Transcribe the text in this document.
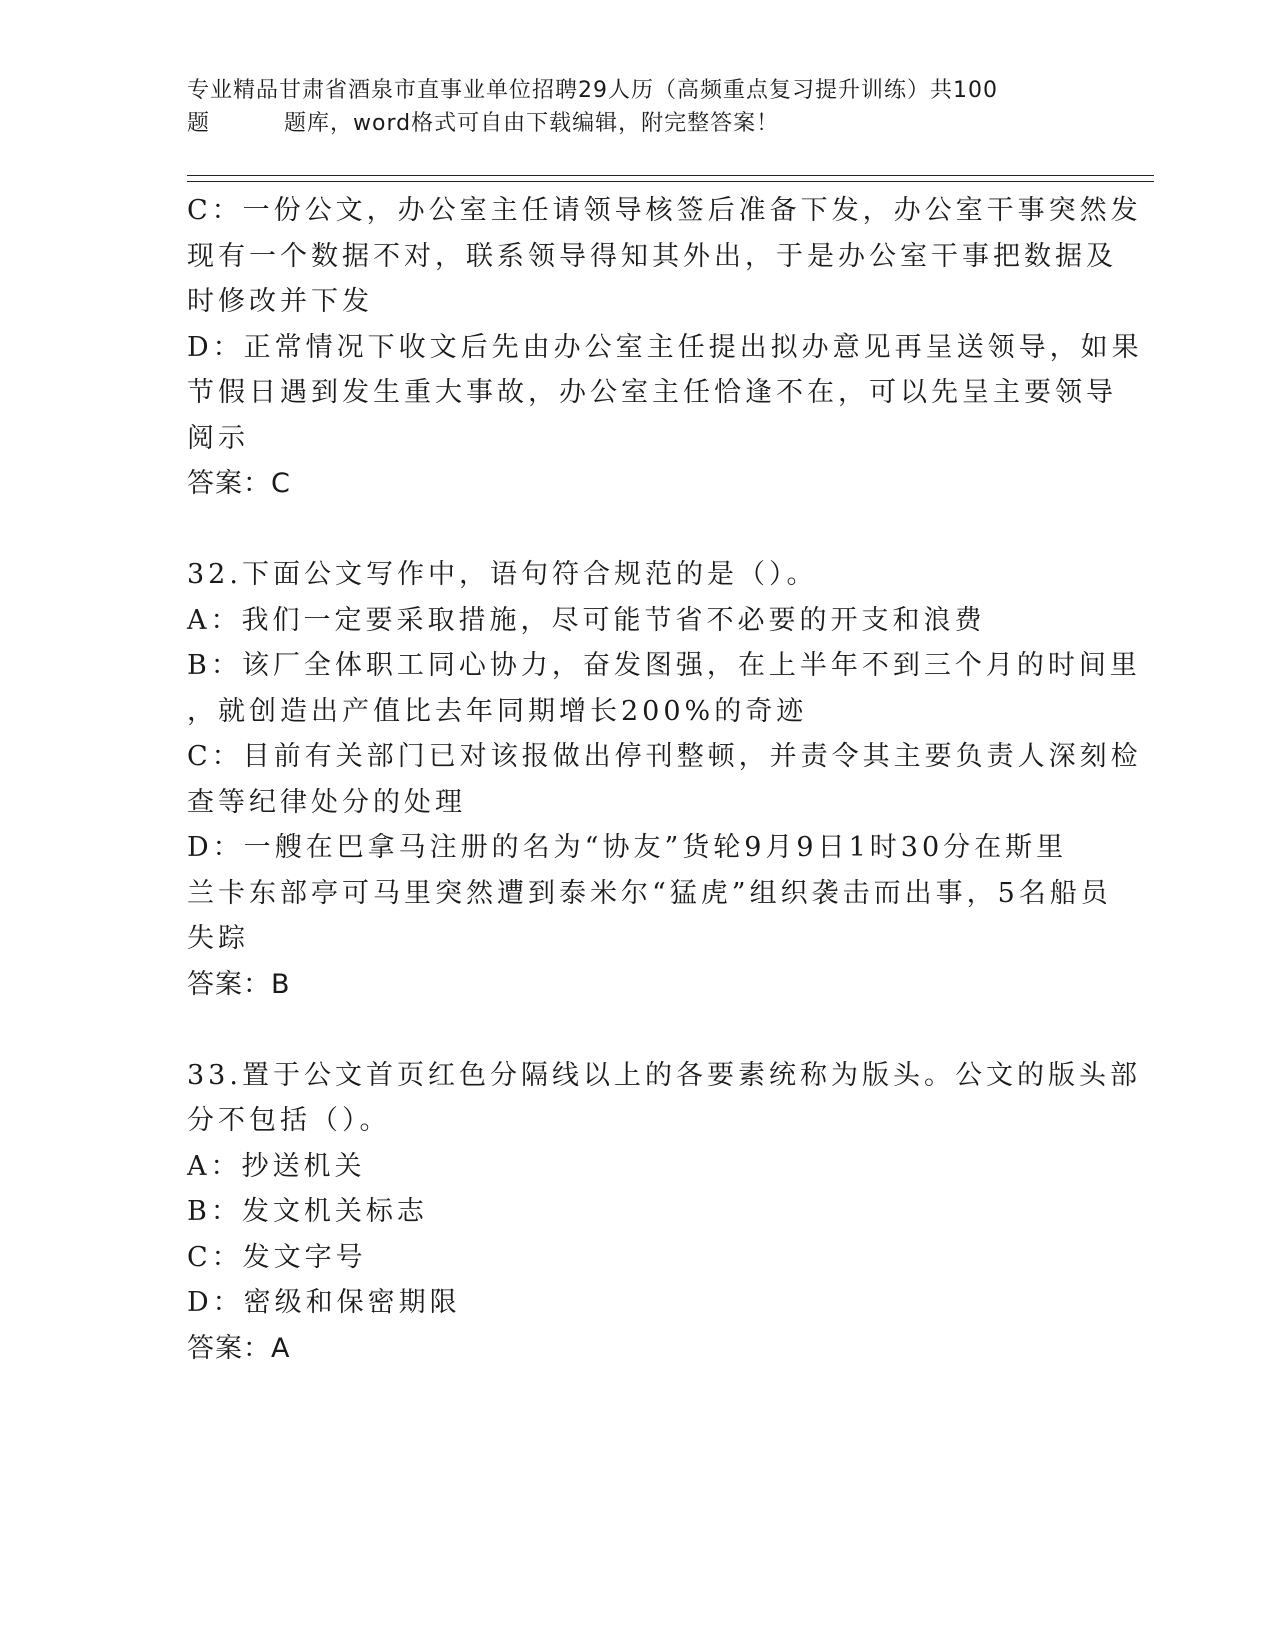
专业精品甘肃省酒泉市直事业单位招聘29人历（高频重点复习提升训练）共100
题	题库，word格式可自由下载编辑，附完整答案！

C：一份公文，办公室主任请领导核签后准备下发，办公室干事突然发

现有一个数据不对，联系领导得知其外出，于是办公室干事把数据及

时修改并下发

D：正常情况下收文后先由办公室主任提出拟办意见再呈送领导，如果

节假日遇到发生重大事故，办公室主任恰逢不在，可以先呈主要领导

阅示

答案：C

32.下面公文写作中，语句符合规范的是（）。

A：我们一定要采取措施，尽可能节省不必要的开支和浪费

B：该厂全体职工同心协力，奋发图强，在上半年不到三个月的时间里

，就创造出产值比去年同期增长200%的奇迹

C：目前有关部门已对该报做出停刊整顿，并责令其主要负责人深刻检

查等纪律处分的处理

D：一艘在巴拿马注册的名为“协友”货轮9月9日1时30分在斯里

兰卡东部亭可马里突然遭到泰米尔“猛虎”组织袭击而出事，5名船员

失踪

答案：B

33.置于公文首页红色分隔线以上的各要素统称为版头。公文的版头部

分不包括（）。

A：抄送机关

B：发文机关标志

C：发文字号

D：密级和保密期限

答案：A
